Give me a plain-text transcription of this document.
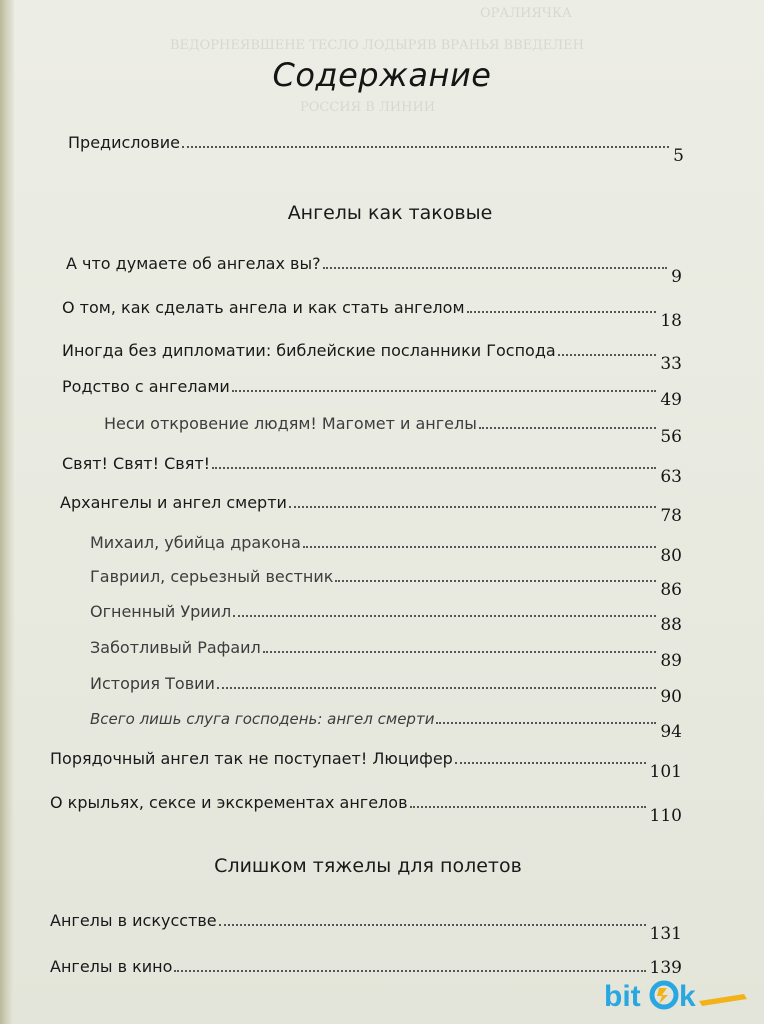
ОРАЛИЯЧКА
ВЕДОРНЕЯВШЕНЕ ТЕСЛО ЛОДЫРЯВ ВРАНЬЯ ВВЕДЕЛЕН
РОССИЯ В ЛИНИИ
Содержание
Предисловие
5
Ангелы как таковые
А что думаете об ангелах вы?
9
О том, как сделать ангела и как стать ангелом
18
Иногда без дипломатии: библейские посланники Господа
33
Родство с ангелами
49
Неси откровение людям! Магомет и ангелы
56
Свят! Свят! Свят!
63
Архангелы и ангел смерти
78
Михаил, убийца дракона
80
Гавриил, серьезный вестник
86
Огненный Уриил
88
Заботливый Рафаил
89
История Товии
90
Всего лишь слуга господень: ангел смерти
94
Порядочный ангел так не поступает! Люцифер
101
О крыльях, сексе и экскрементах ангелов
110
Слишком тяжелы для полетов
Ангелы в искусстве
131
Ангелы в кино	139
bit k
